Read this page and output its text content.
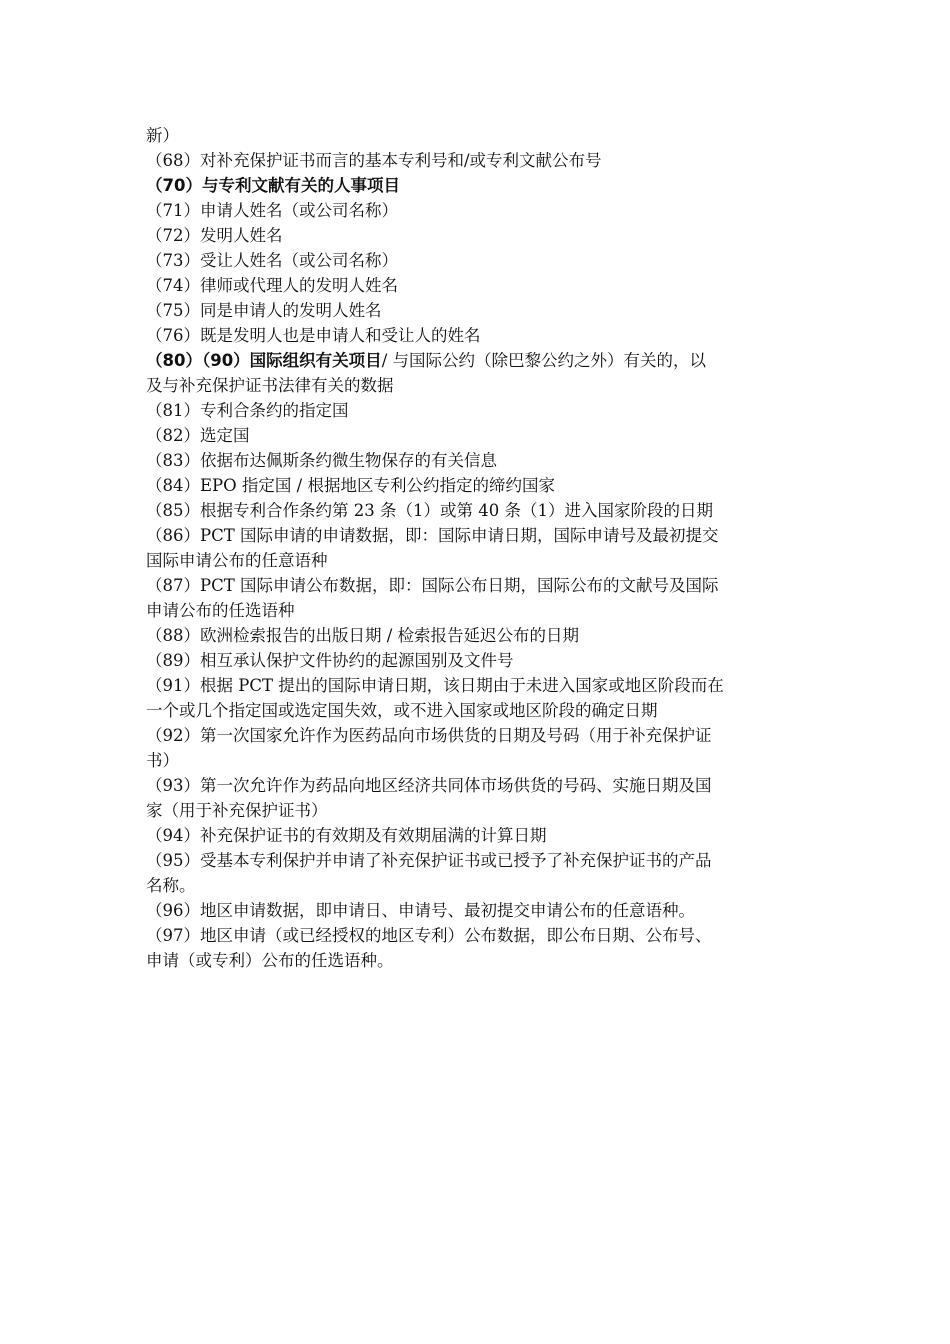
新）
（68）对补充保护证书而言的基本专利号和/或专利文献公布号
（70）与专利文献有关的人事项目
（71）申请人姓名（或公司名称）
（72）发明人姓名
（73）受让人姓名（或公司名称）
（74）律师或代理人的发明人姓名
（75）同是申请人的发明人姓名
（76）既是发明人也是申请人和受让人的姓名
（80）（90）国际组织有关项目/ 与国际公约（除巴黎公约之外）有关的，以
及与补充保护证书法律有关的数据
（81）专利合条约的指定国
（82）选定国
（83）依据布达佩斯条约微生物保存的有关信息
（84）EPO 指定国 / 根据地区专利公约指定的缔约国家
（85）根据专利合作条约第 23 条（1）或第 40 条（1）进入国家阶段的日期
（86）PCT 国际申请的申请数据，即：国际申请日期，国际申请号及最初提交
国际申请公布的任意语种
（87）PCT 国际申请公布数据，即：国际公布日期，国际公布的文献号及国际
申请公布的任选语种
（88）欧洲检索报告的出版日期 / 检索报告延迟公布的日期
（89）相互承认保护文件协约的起源国别及文件号
（91）根据 PCT 提出的国际申请日期，该日期由于未进入国家或地区阶段而在
一个或几个指定国或选定国失效，或不进入国家或地区阶段的确定日期
（92）第一次国家允许作为医药品向市场供货的日期及号码（用于补充保护证
书）
（93）第一次允许作为药品向地区经济共同体市场供货的号码、实施日期及国
家（用于补充保护证书）
（94）补充保护证书的有效期及有效期届满的计算日期
（95）受基本专利保护并申请了补充保护证书或已授予了补充保护证书的产品
名称。
（96）地区申请数据，即申请日、申请号、最初提交申请公布的任意语种。
（97）地区申请（或已经授权的地区专利）公布数据，即公布日期、公布号、
申请（或专利）公布的任选语种。
